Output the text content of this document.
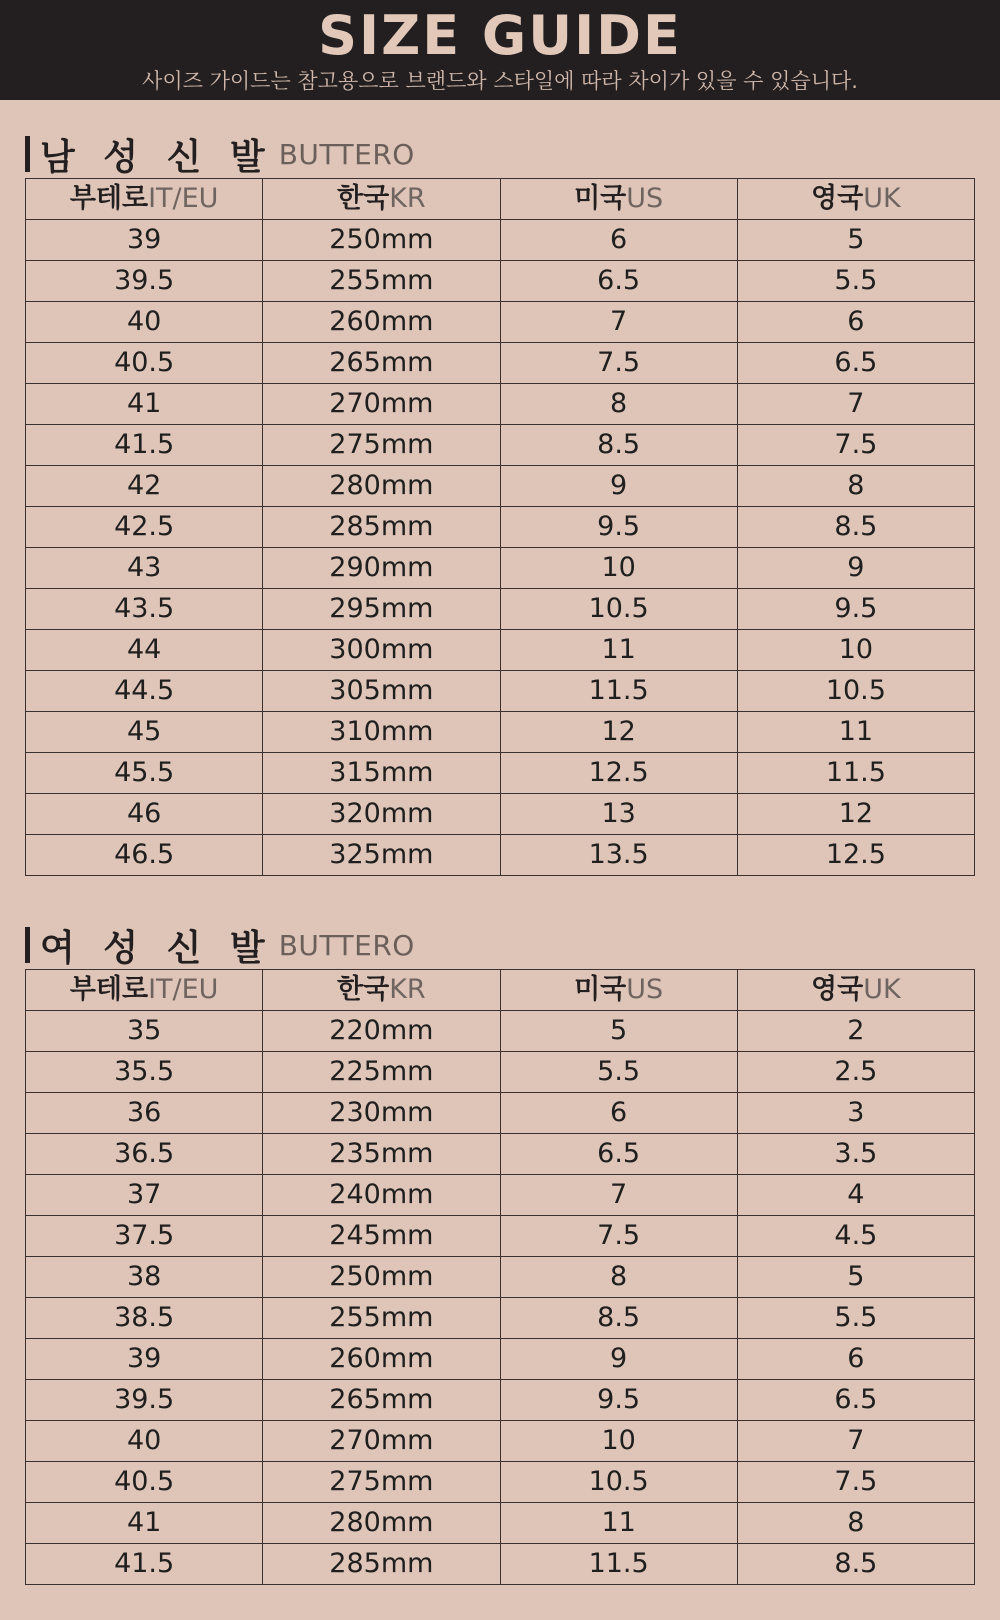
SIZE GUIDE
사이즈 가이드는 참고용으로 브랜드와 스타일에 따라 차이가 있을 수 있습니다.
남 성 신 발 BUTTERO
부테로IT/EU	한국KR	미국US	영국UK
39	250mm	6	5
39.5	255mm	6.5	5.5
40	260mm	7	6
40.5	265mm	7.5	6.5
41	270mm	8	7
41.5	275mm	8.5	7.5
42	280mm	9	8
42.5	285mm	9.5	8.5
43	290mm	10	9
43.5	295mm	10.5	9.5
44	300mm	11	10
44.5	305mm	11.5	10.5
45	310mm	12	11
45.5	315mm	12.5	11.5
46	320mm	13	12
46.5	325mm	13.5	12.5
여 성 신 발 BUTTERO
부테로IT/EU	한국KR	미국US	영국UK
35	220mm	5	2
35.5	225mm	5.5	2.5
36	230mm	6	3
36.5	235mm	6.5	3.5
37	240mm	7	4
37.5	245mm	7.5	4.5
38	250mm	8	5
38.5	255mm	8.5	5.5
39	260mm	9	6
39.5	265mm	9.5	6.5
40	270mm	10	7
40.5	275mm	10.5	7.5
41	280mm	11	8
41.5	285mm	11.5	8.5
